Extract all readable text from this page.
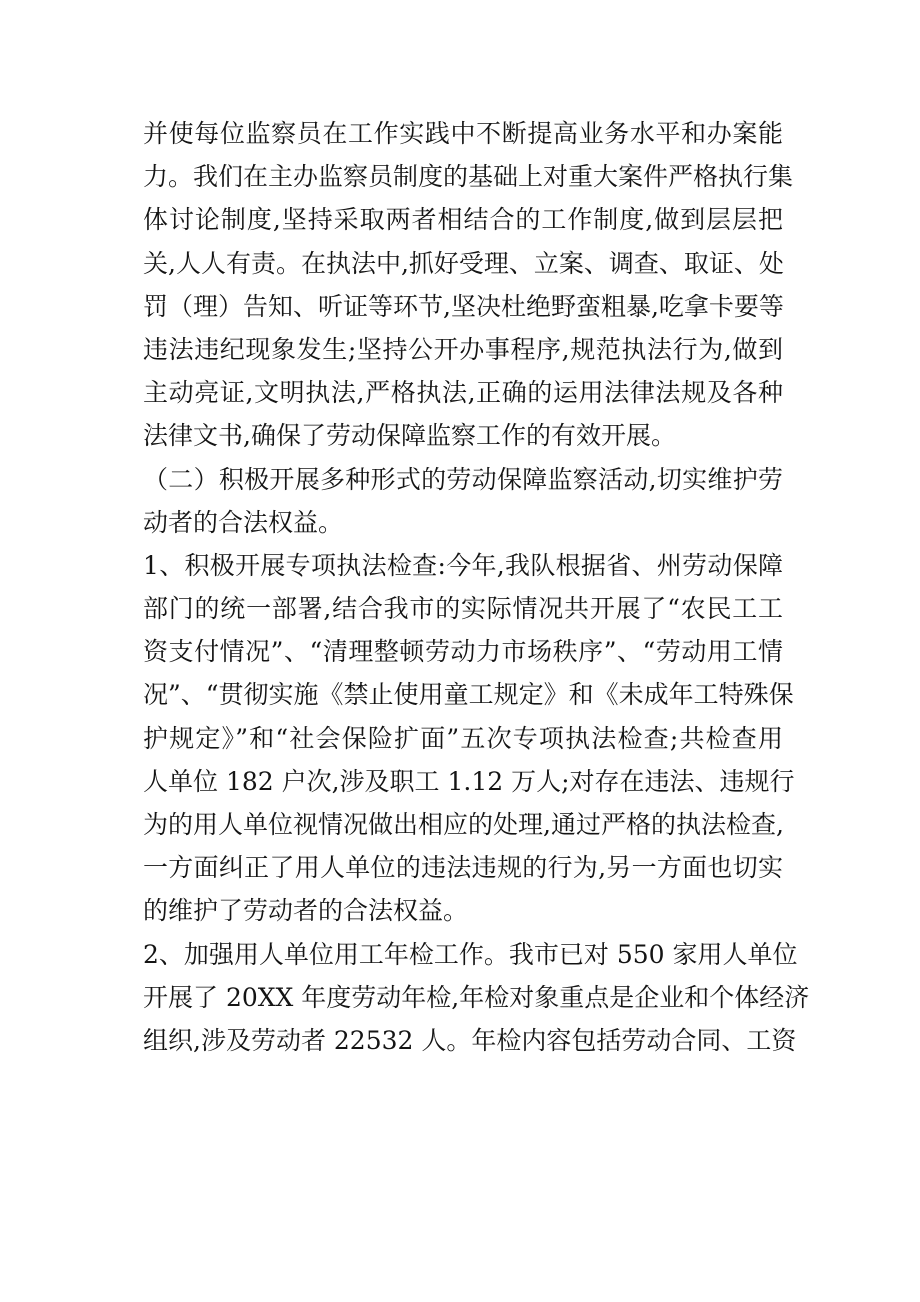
并使每位监察员在工作实践中不断提高业务水平和办案能
力。我们在主办监察员制度的基础上对重大案件严格执行集
体讨论制度,坚持采取两者相结合的工作制度,做到层层把
关,人人有责。在执法中,抓好受理、立案、调查、取证、处
罚（理）告知、听证等环节,坚决杜绝野蛮粗暴,吃拿卡要等
违法违纪现象发生;坚持公开办事程序,规范执法行为,做到
主动亮证,文明执法,严格执法,正确的运用法律法规及各种
法律文书,确保了劳动保障监察工作的有效开展。
（二）积极开展多种形式的劳动保障监察活动,切实维护劳
动者的合法权益。
1、积极开展专项执法检查:今年,我队根据省、州劳动保障
部门的统一部署,结合我市的实际情况共开展了“农民工工
资支付情况”、“清理整顿劳动力市场秩序”、“劳动用工情
况”、“贯彻实施《禁止使用童工规定》和《未成年工特殊保
护规定》”和“社会保险扩面”五次专项执法检查;共检查用
人单位 182 户次,涉及职工 1.12 万人;对存在违法、违规行
为的用人单位视情况做出相应的处理,通过严格的执法检查,
一方面纠正了用人单位的违法违规的行为,另一方面也切实
的维护了劳动者的合法权益。
2、加强用人单位用工年检工作。我市已对 550 家用人单位
开展了 20XX 年度劳动年检,年检对象重点是企业和个体经济
组织,涉及劳动者 22532 人。年检内容包括劳动合同、工资
